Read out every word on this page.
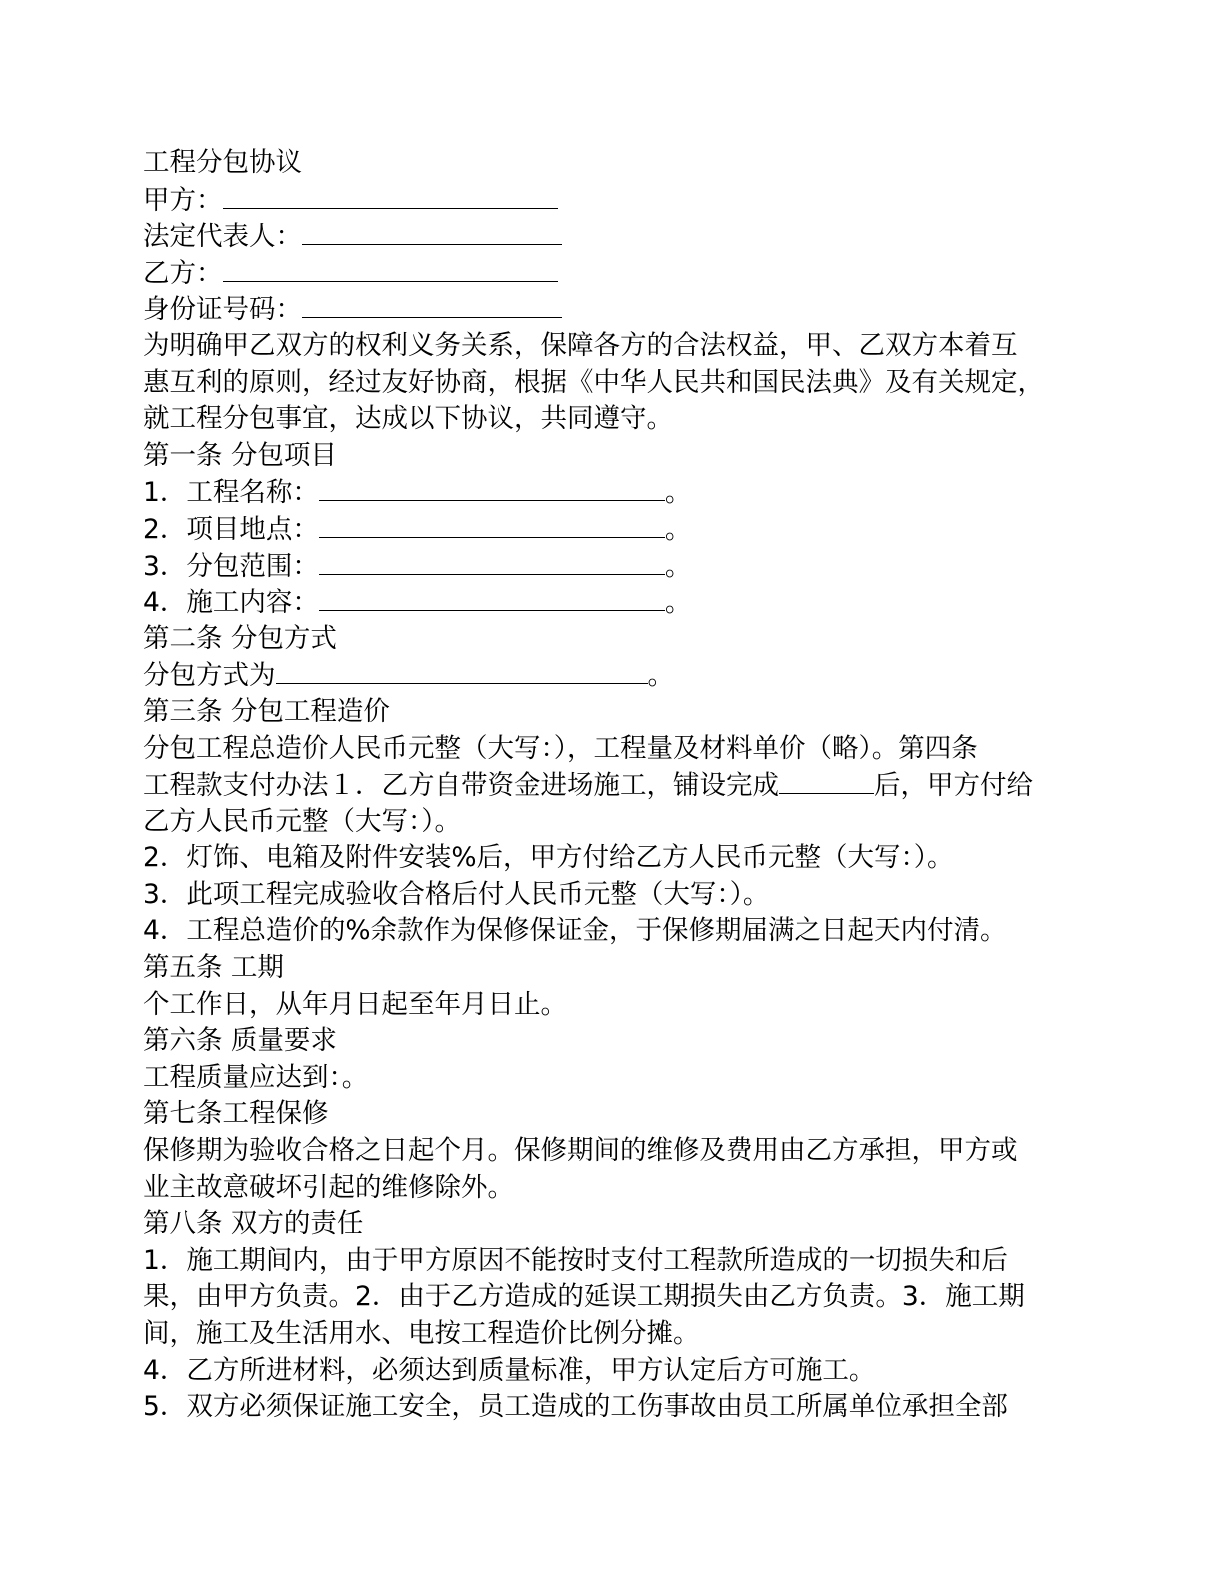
工程分包协议
甲方：
法定代表人：
乙方：
身份证号码：
为明确甲乙双方的权利义务关系，保障各方的合法权益，甲、乙双方本着互
惠互利的原则，经过友好协商，根据《中华人民共和国民法典》及有关规定，
就工程分包事宜，达成以下协议，共同遵守。
第一条 分包项目
1．工程名称：	。
2．项目地点：	。
3．分包范围：	。
4．施工内容：	。
第二条 分包方式
分包方式为	。
第三条 分包工程造价
分包工程总造价人民币元整（大写：），工程量及材料单价（略）。第四条
工程款支付办法１．乙方自带资金进场施工，铺设完成	后，甲方付给
乙方人民币元整（大写：）。
2．灯饰、电箱及附件安装%后，甲方付给乙方人民币元整（大写：）。
3．此项工程完成验收合格后付人民币元整（大写：）。
4．工程总造价的%余款作为保修保证金，于保修期届满之日起天内付清。
第五条 工期
个工作日，从年月日起至年月日止。
第六条 质量要求
工程质量应达到：。
第七条工程保修
保修期为验收合格之日起个月。保修期间的维修及费用由乙方承担，甲方或
业主故意破坏引起的维修除外。
第八条 双方的责任
1．施工期间内，由于甲方原因不能按时支付工程款所造成的一切损失和后
果，由甲方负责。2．由于乙方造成的延误工期损失由乙方负责。3．施工期
间，施工及生活用水、电按工程造价比例分摊。
4．乙方所进材料，必须达到质量标准，甲方认定后方可施工。
5．双方必须保证施工安全，员工造成的工伤事故由员工所属单位承担全部
